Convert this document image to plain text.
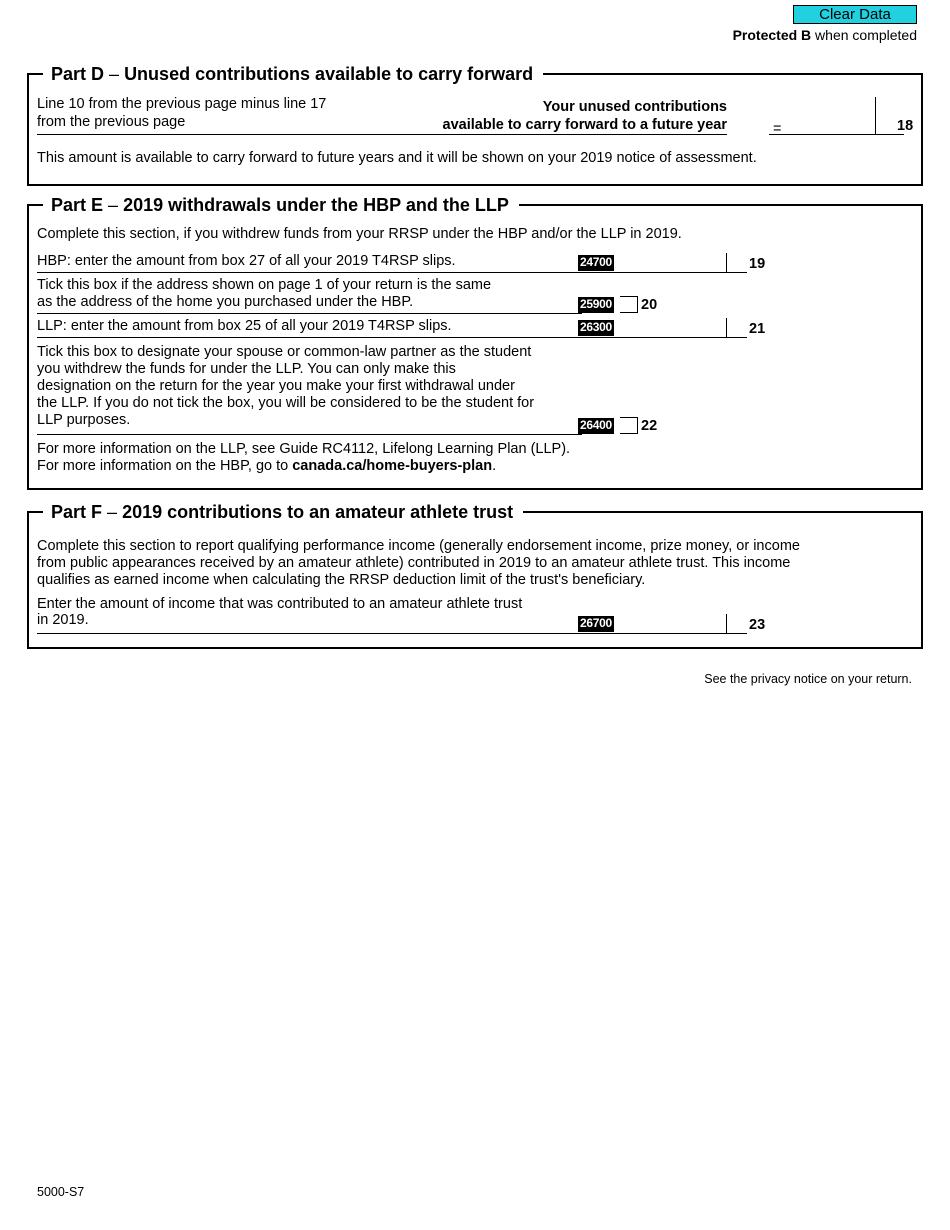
Clear Data
Protected B when completed
Part D – Unused contributions available to carry forward
Line 10 from the previous page minus line 17
from the previous page
Your unused contributions
available to carry forward to a future year	=	18
This amount is available to carry forward to future years and it will be shown on your 2019 notice of assessment.
Part E – 2019 withdrawals under the HBP and the LLP
Complete this section, if you withdrew funds from your RRSP under the HBP and/or the LLP in 2019.
HBP: enter the amount from box 27 of all your 2019 T4RSP slips.	24700	19
Tick this box if the address shown on page 1 of your return is the same
as the address of the home you purchased under the HBP.	25900 20
LLP: enter the amount from box 25 of all your 2019 T4RSP slips.	26300	21
Tick this box to designate your spouse or common-law partner as the student
you withdrew the funds for under the LLP. You can only make this
designation on the return for the year you make your first withdrawal under
the LLP. If you do not tick the box, you will be considered to be the student for
LLP purposes.	26400 22
For more information on the LLP, see Guide RC4112, Lifelong Learning Plan (LLP).
For more information on the HBP, go to canada.ca/home-buyers-plan.
Part F – 2019 contributions to an amateur athlete trust
Complete this section to report qualifying performance income (generally endorsement income, prize money, or income
from public appearances received by an amateur athlete) contributed in 2019 to an amateur athlete trust. This income
qualifies as earned income when calculating the RRSP deduction limit of the trust's beneficiary.
Enter the amount of income that was contributed to an amateur athlete trust
in 2019.	26700	23
See the privacy notice on your return.
5000-S7
